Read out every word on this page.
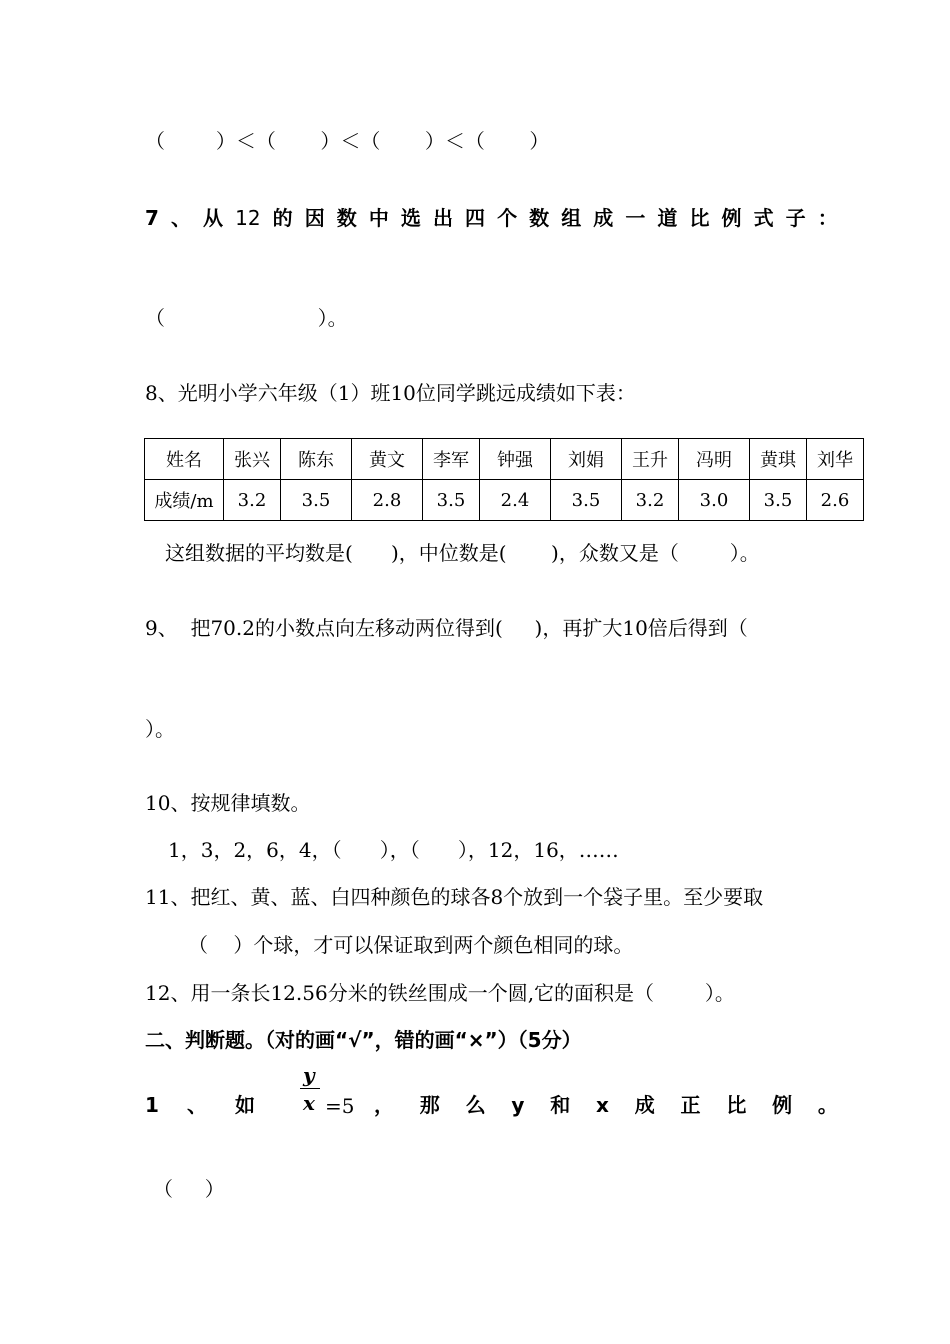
（        ）＜（       ）＜（       ）＜（       ）
7 、 从 12 的 因 数 中 选 出 四 个 数 组 成 一 道 比 例 式 子 ：
（                        ）。
8、光明小学六年级（1）班10位同学跳远成绩如下表：
姓名	张兴	陈东	黄文	李军	钟强	刘娟	王升	冯明	黄琪	刘华
成绩/m	3.2	3.5	2.8	3.5	2.4	3.5	3.2	3.0	3.5	2.6
这组数据的平均数是(      )，中位数是(       )，众数又是（        ）。
9、  把70.2的小数点向左移动两位得到(     )，再扩大10倍后得到（
）。
10、按规律填数。
1，3，2，6，4，（      ），（      ），12，16，……
11、把红、黄、蓝、白四种颜色的球各8个放到一个袋子里。至少要取
（    ）个球，才可以保证取到两个颜色相同的球。
12、用一条长12.56分米的铁丝围成一个圆,它的面积是（        ）。
二、判断题。（对的画“√”，错的画“×”）（5分）
y
x
1 、 如	=5 ， 那 么 y 和 x 成 正 比 例 。
（     ）
